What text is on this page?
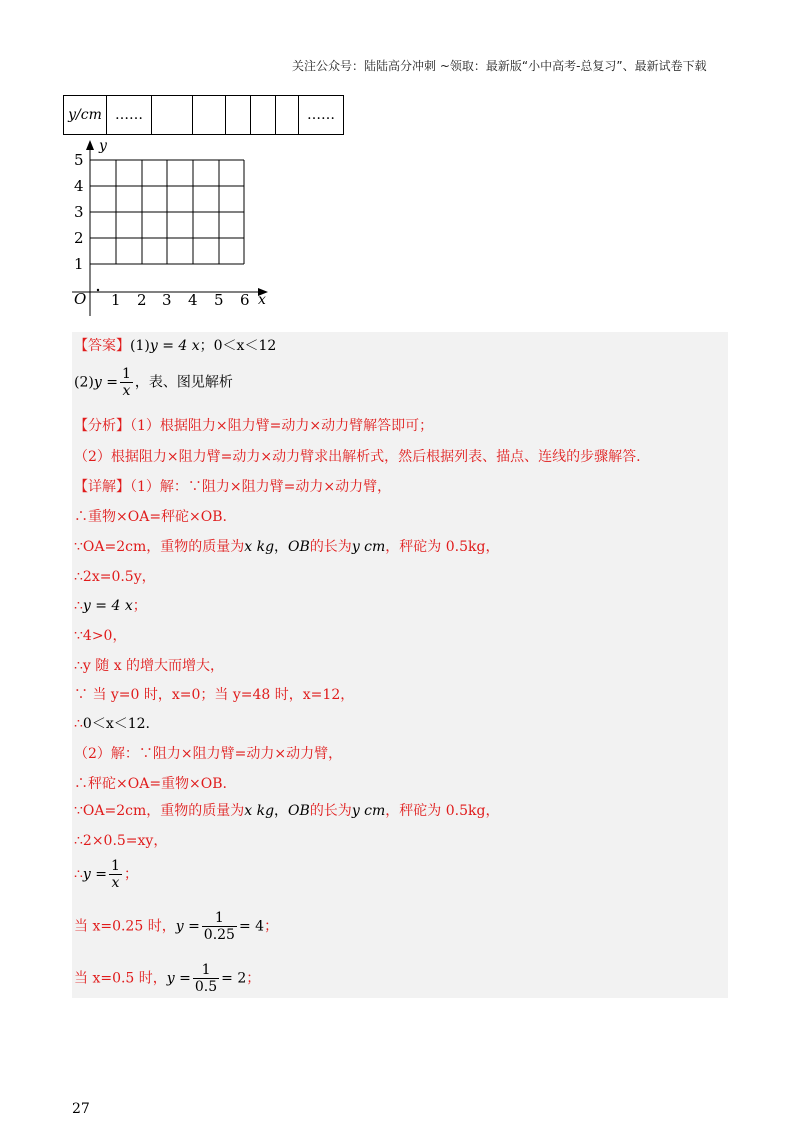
关注公众号：陆陆高分冲刺 ~领取：最新版“小中高考-总复习”、最新试卷下载
y/cm	……						……
y
x
O
5
4
3
2
1
1 2 3 4 5 6
【答案】(1)y = 4 x；0＜x＜12
$(2)y = \frac{1}{x}$ ，表、图见解析
【分析】（1）根据阻力×阻力臂=动力×动力臂解答即可；
（2）根据阻力×阻力臂=动力×动力臂求出解析式，然后根据列表、描点、连线的步骤解答.
【详解】（1）解：∵阻力×阻力臂=动力×动力臂，
∴重物×OA=秤砣×OB.
∵OA=2cm，重物的质量为x kg，OB的长为y cm，秤砣为 0.5kg，
∴2x=0.5y，
∴y = 4 x；
∵4>0，
∴y 随 x 的增大而增大，
∵ 当 y=0 时，x=0；当 y=48 时，x=12，
∴0＜x＜12.
（2）解：∵阻力×阻力臂=动力×动力臂，
∴秤砣×OA=重物×OB.
∵OA=2cm，重物的质量为x kg，OB的长为y cm，秤砣为 0.5kg，
∴2×0.5=xy，
∴y = $\frac{1}{x}$ ；
当 x=0.25 时，$y = \frac{1}{0.25} = 4$；
当 x=0.5 时，$y = \frac{1}{0.5} = 2$；
27
